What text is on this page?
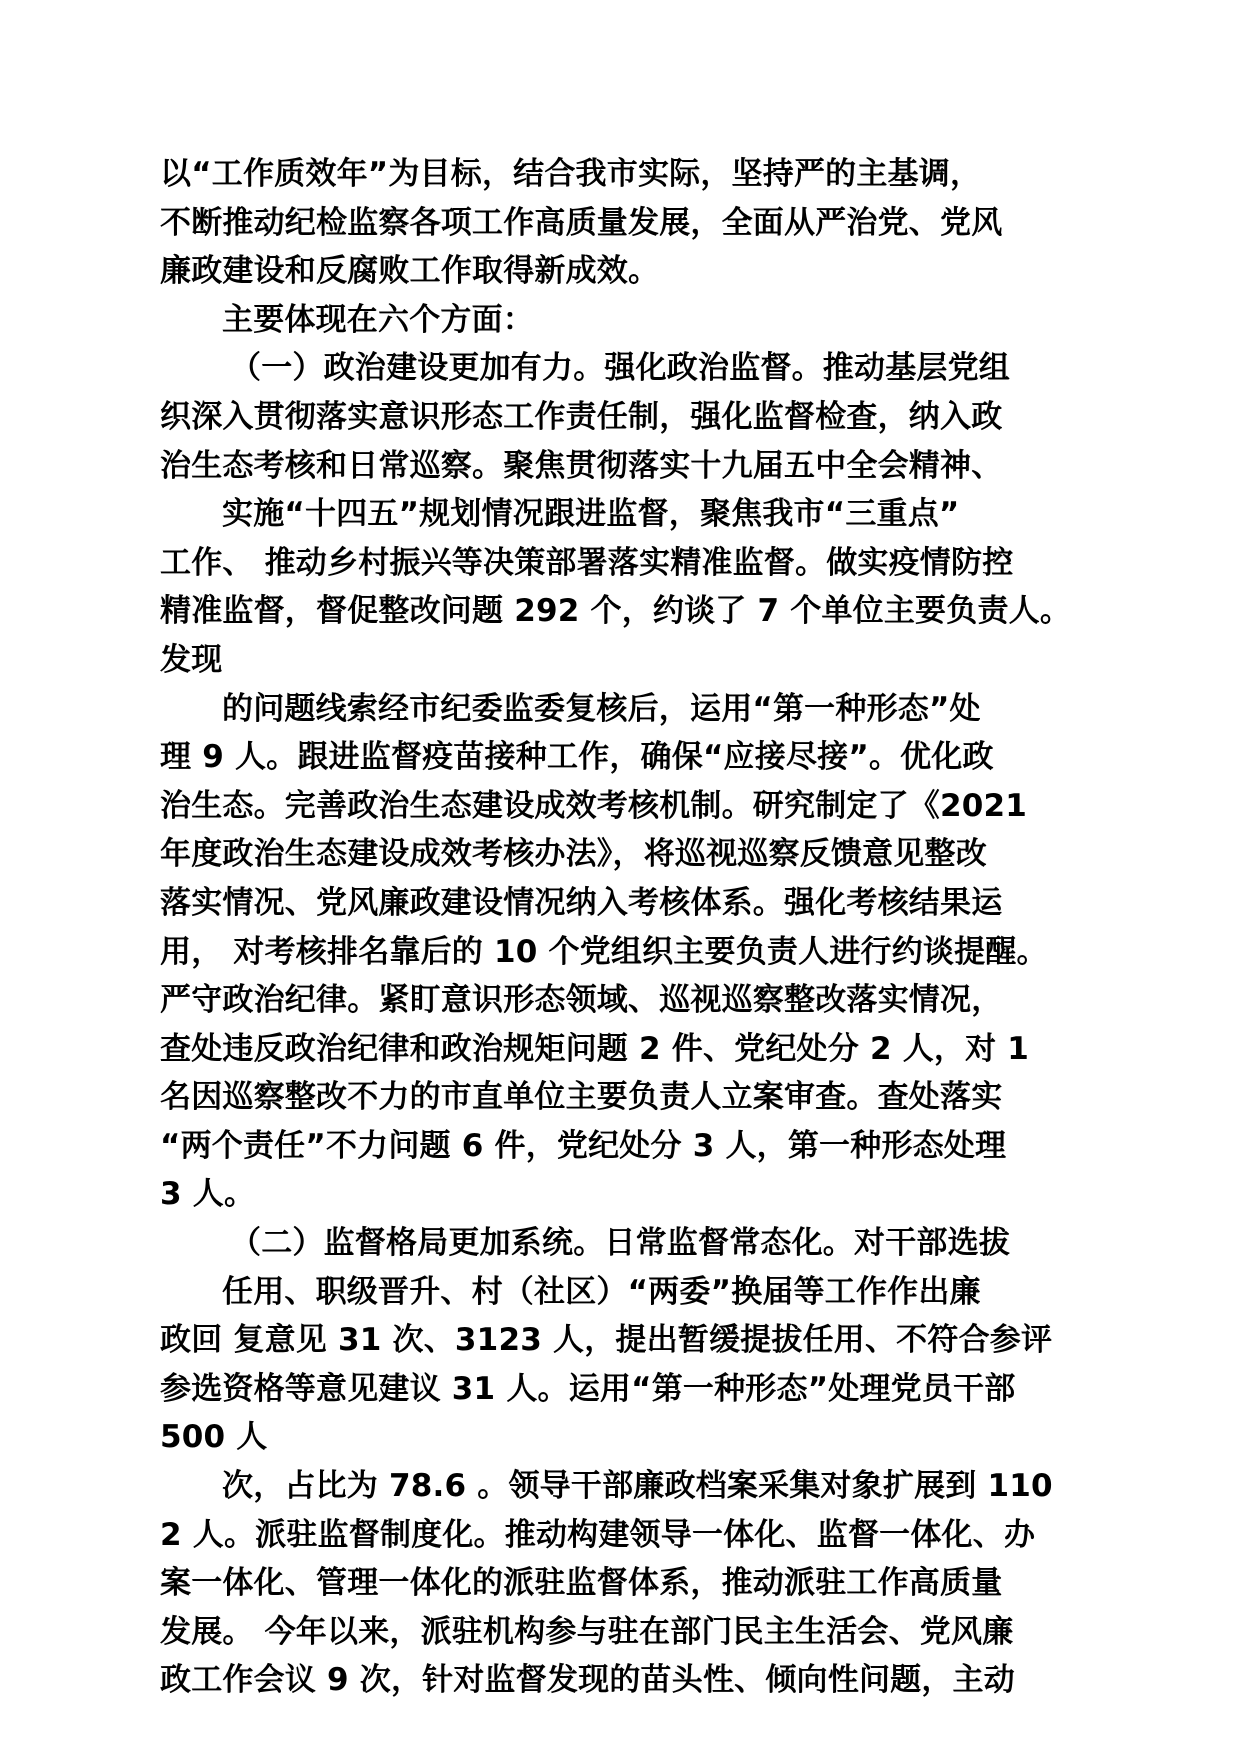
以“工作质效年”为目标，结合我市实际，坚持严的主基调，
不断推动纪检监察各项工作高质量发展，全面从严治党、党风
廉政建设和反腐败工作取得新成效。
主要体现在六个方面：
（一）政治建设更加有力。强化政治监督。推动基层党组
织深入贯彻落实意识形态工作责任制，强化监督检查，纳入政
治生态考核和日常巡察。聚焦贯彻落实十九届五中全会精神、
实施“十四五”规划情况跟进监督，聚焦我市“三重点”
工作、 推动乡村振兴等决策部署落实精准监督。做实疫情防控
精准监督，督促整改问题 292 个，约谈了 7 个单位主要负责人。
发现
的问题线索经市纪委监委复核后，运用“第一种形态”处
理 9 人。跟进监督疫苗接种工作，确保“应接尽接”。优化政
治生态。完善政治生态建设成效考核机制。研究制定了《2021
年度政治生态建设成效考核办法》，将巡视巡察反馈意见整改
落实情况、党风廉政建设情况纳入考核体系。强化考核结果运
用， 对考核排名靠后的 10 个党组织主要负责人进行约谈提醒。
严守政治纪律。紧盯意识形态领域、巡视巡察整改落实情况，
查处违反政治纪律和政治规矩问题 2 件、党纪处分 2 人，对 1
名因巡察整改不力的市直单位主要负责人立案审查。查处落实
“两个责任”不力问题 6 件，党纪处分 3 人，第一种形态处理
3 人。
（二）监督格局更加系统。日常监督常态化。对干部选拔
任用、职级晋升、村（社区）“两委”换届等工作作出廉
政回 复意见 31 次、3123 人，提出暂缓提拔任用、不符合参评
参选资格等意见建议 31 人。运用“第一种形态”处理党员干部
500 人
次，占比为 78.6 。领导干部廉政档案采集对象扩展到 110
2 人。派驻监督制度化。推动构建领导一体化、监督一体化、办
案一体化、管理一体化的派驻监督体系，推动派驻工作高质量
发展。 今年以来，派驻机构参与驻在部门民主生活会、党风廉
政工作会议 9 次，针对监督发现的苗头性、倾向性问题，主动
